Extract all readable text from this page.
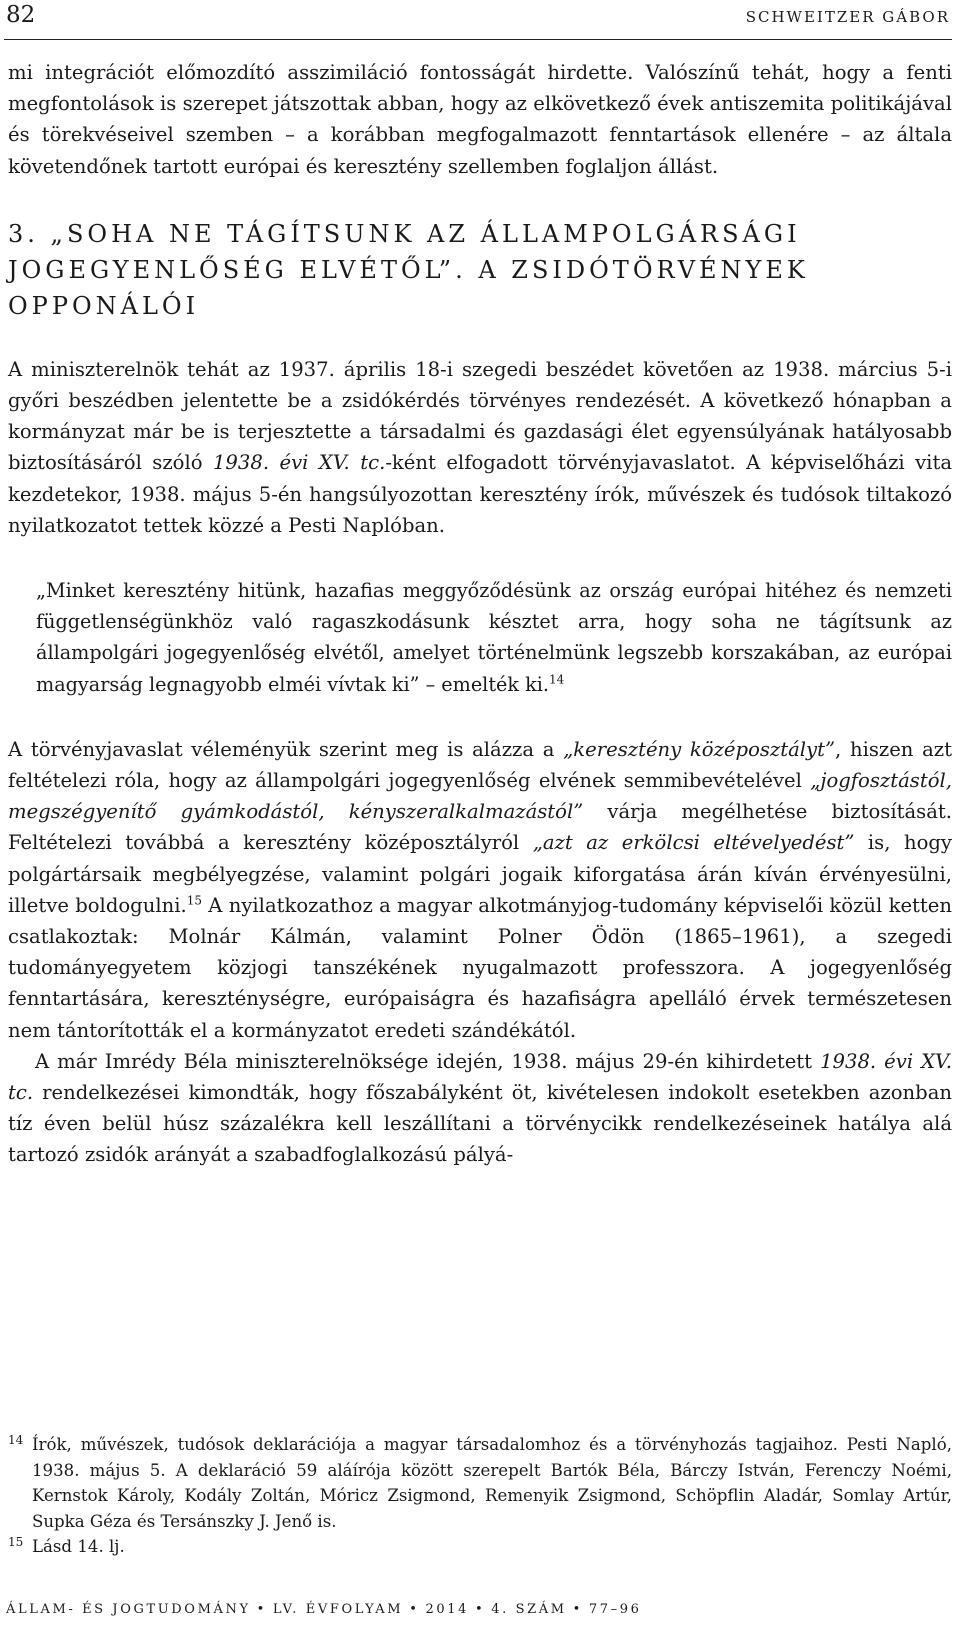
82	SCHWEITZER GÁBOR

mi integrációt előmozdító asszimiláció fontosságát hirdette. Valószínű tehát, hogy a fenti megfontolások is szerepet játszottak abban, hogy az elkövetkező évek antiszemita politikájával és törekvéseivel szemben – a korábban megfogalmazott fenntartások ellenére – az általa követendőnek tartott európai és keresztény szellemben foglaljon állást.

3. „SOHA NE TÁGÍTSUNK AZ ÁLLAMPOLGÁRSÁGI JOGEGYENLŐSÉG ELVÉTŐL”. A ZSIDÓTÖRVÉNYEK OPPONÁLÓI

A miniszterelnök tehát az 1937. április 18-i szegedi beszédet követően az 1938. március 5-i győri beszédben jelentette be a zsidókérdés törvényes rendezését. A következő hónapban a kormányzat már be is terjesztette a társadalmi és gazdasági élet egyensúlyának hatályosabb biztosításáról szóló 1938. évi XV. tc.-ként elfogadott törvényjavaslatot. A képviselőházi vita kezdetekor, 1938. május 5-én hangsúlyozottan keresztény írók, művészek és tudósok tiltakozó nyilatkozatot tettek közzé a Pesti Naplóban.

„Minket keresztény hitünk, hazafias meggyőződésünk az ország európai hitéhez és nemzeti függetlenségünkhöz való ragaszkodásunk késztet arra, hogy soha ne tágítsunk az állampolgári jogegyenlőség elvétől, amelyet történelmünk legszebb korszakában, az európai magyarság legnagyobb elméi vívtak ki” – emelték ki.$^{14}$

A törvényjavaslat véleményük szerint meg is alázza a „keresztény középosztályt”, hiszen azt feltételezi róla, hogy az állampolgári jogegyenlőség elvének semmibevételével „jogfosztástól, megszégyenítő gyámkodástól, kényszeralkalmazástól” várja megélhetése biztosítását. Feltételezi továbbá a keresztény középosztályról „azt az erkölcsi eltévelyedést” is, hogy polgártársaik megbélyegzése, valamint polgári jogaik kiforgatása árán kíván érvényesülni, illetve boldogulni.$^{15}$ A nyilatkozathoz a magyar alkotmányjog-tudomány képviselői közül ketten csatlakoztak: Molnár Kálmán, valamint Polner Ödön (1865–1961), a szegedi tudományegyetem közjogi tanszékének nyugalmazott professzora. A jogegyenlőség fenntartására, kereszténységre, európaiságra és hazafiságra apelláló érvek természetesen nem tántorították el a kormányzatot eredeti szándékától.

A már Imrédy Béla miniszterelnöksége idején, 1938. május 29-én kihirdetett 1938. évi XV. tc. rendelkezései kimondták, hogy főszabályként öt, kivételesen indokolt esetekben azonban tíz éven belül húsz százalékra kell leszállítani a törvénycikk rendelkezéseinek hatálya alá tartozó zsidók arányát a szabadfoglalkozású pályá-

14 Írók, művészek, tudósok deklarációja a magyar társadalomhoz és a törvényhozás tagjaihoz. Pesti Napló, 1938. május 5. A deklaráció 59 aláírója között szerepelt Bartók Béla, Bárczy István, Ferenczy Noémi, Kernstok Károly, Kodály Zoltán, Móricz Zsigmond, Remenyik Zsigmond, Schöpflin Aladár, Somlay Artúr, Supka Géza és Tersánszky J. Jenő is.

15 Lásd 14. lj.

ÁLLAM- ÉS JOGTUDOMÁNY • LV. ÉVFOLYAM • 2014 • 4. SZÁM • 77–96
